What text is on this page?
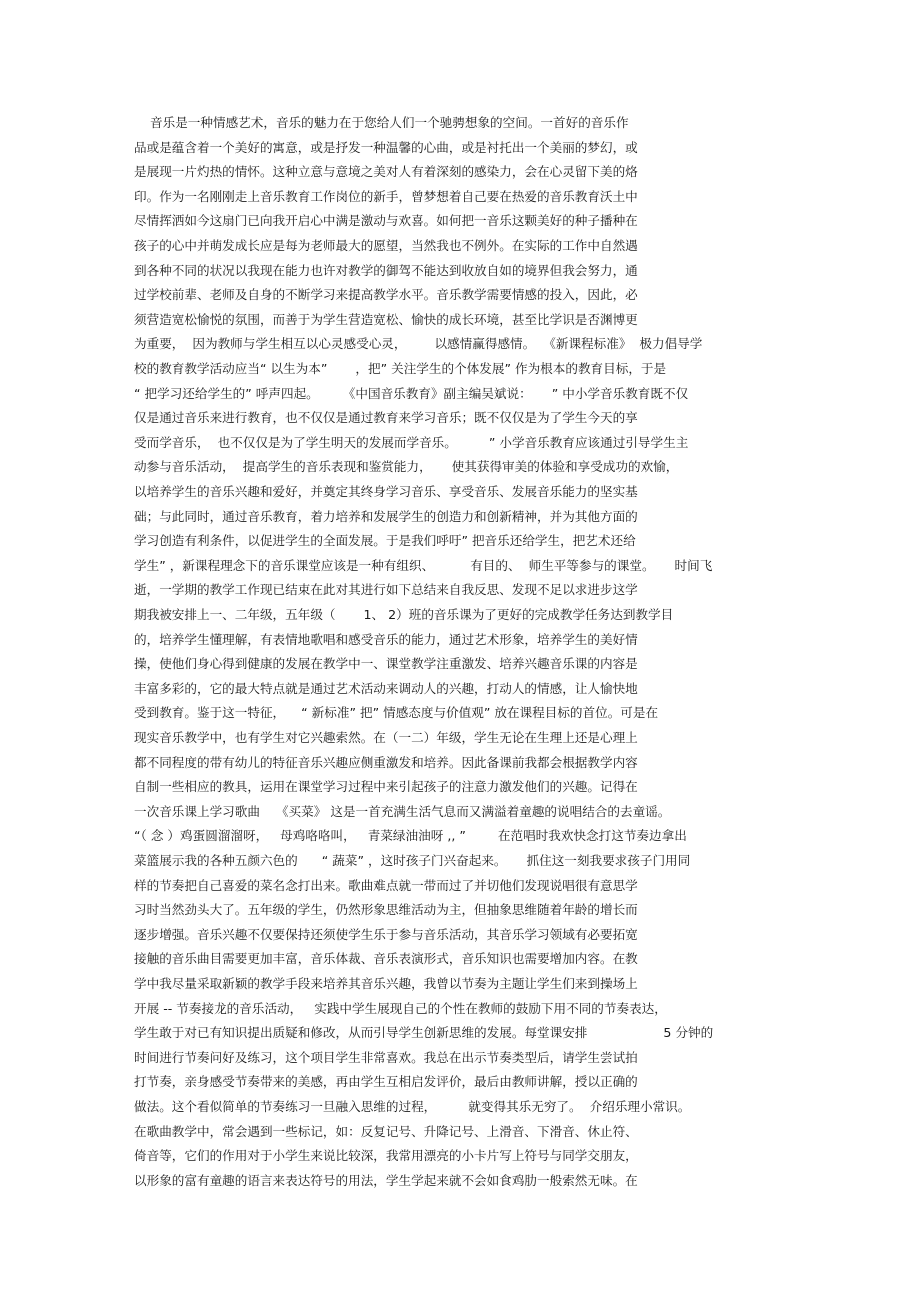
音乐是一种情感艺术，音乐的魅力在于您给人们一个驰骋想象的空间。一首好的音乐作
品或是蕴含着一个美好的寓意，或是抒发一种温馨的心曲，或是衬托出一个美丽的梦幻，或
是展现一片灼热的情怀。这种立意与意境之美对人有着深刻的感染力，会在心灵留下美的烙
印。作为一名刚刚走上音乐教育工作岗位的新手，曾梦想着自己要在热爱的音乐教育沃土中
尽情挥洒如今这扇门已向我开启心中满是激动与欢喜。如何把一音乐这颗美好的种子播种在
孩子的心中并萌发成长应是每为老师最大的愿望，当然我也不例外。在实际的工作中自然遇
到各种不同的状况以我现在能力也许对教学的御驾不能达到收放自如的境界但我会努力，通
过学校前辈、老师及自身的不断学习来提高教学水平。音乐教学需要情感的投入，因此，必
须营造宽松愉悦的氛围，而善于为学生营造宽松、愉快的成长环境，甚至比学识是否渊博更
为重要，  因为教师与学生相互以心灵感受心灵，       以感情赢得感情。  《新课程标准》  极力倡导学
校的教育教学活动应当“ 以生为本”       ，把” 关注学生的个体发展” 作为根本的教育目标，于是
“ 把学习还给学生的” 呼声四起。      《中国音乐教育》副主编吴斌说：     ” 中小学音乐教育既不仅
仅是通过音乐来进行教育，也不仅仅是通过教育来学习音乐；既不仅仅是为了学生今天的享
受而学音乐，  也不仅仅是为了学生明天的发展而学音乐。        ” 小学音乐教育应该通过引导学生主
动参与音乐活动，  提高学生的音乐表现和鉴赏能力，     使其获得审美的体验和享受成功的欢愉，
以培养学生的音乐兴趣和爱好，并奠定其终身学习音乐、享受音乐、发展音乐能力的坚实基
础；与此同时，通过音乐教育，着力培养和发展学生的创造力和创新精神，并为其他方面的
学习创造有利条件，以促进学生的全面发展。于是我们呼吁” 把音乐还给学生，把艺术还给
学生” ，新课程理念下的音乐课堂应该是一种有组织、         有目的、  师生平等参与的课堂。     时间飞
逝，一学期的教学工作现已结束在此对其进行如下总结来自我反思、发现不足以求进步这学
期我被安排上一、二年级，五年级（       1、 2）班的音乐课为了更好的完成教学任务达到教学目
的，培养学生懂理解，有表情地歌唱和感受音乐的能力，通过艺术形象，培养学生的美好情
操，使他们身心得到健康的发展在教学中一、课堂教学注重激发、培养兴趣音乐课的内容是
丰富多彩的，它的最大特点就是通过艺术活动来调动人的兴趣，打动人的情感，让人愉快地
受到教育。鉴于这一特征，    “ 新标准” 把” 情感态度与价值观” 放在课程目标的首位。可是在
现实音乐教学中，也有学生对它兴趣索然。在（一二）年级，学生无论在生理上还是心理上
都不同程度的带有幼儿的特征音乐兴趣应侧重激发和培养。因此备课前我都会根据教学内容
自制一些相应的教具，运用在课堂学习过程中来引起孩子的注意力激发他们的兴趣。记得在
一次音乐课上学习歌曲    《买菜》 这是一首充满生活气息而又满溢着童趣的说唱结合的去童谣。
“（ 念 ）鸡蛋圆溜溜呀，   母鸡咯咯叫，   青菜绿油油呀 ,, ”        在范唱时我欢快念打这节奏边拿出
菜篮展示我的各种五颜六色的      “ 蔬菜” ，这时孩子门兴奋起来。     抓住这一刻我要求孩子门用同
样的节奏把自己喜爱的菜名念打出来。歌曲难点就一带而过了并切他们发现说唱很有意思学
习时当然劲头大了。五年级的学生，仍然形象思维活动为主，但抽象思维随着年龄的增长而
逐步增强。音乐兴趣不仅要保持还须使学生乐于参与音乐活动，其音乐学习领域有必要拓宽
接触的音乐曲目需要更加丰富，音乐体裁、音乐表演形式，音乐知识也需要增加内容。在教
学中我尽量采取新颖的教学手段来培养其音乐兴趣，我曾以节奏为主题让学生们来到操场上
开展 -- 节奏接龙的音乐活动，   实践中学生展现自己的个性在教师的鼓励下用不同的节奏表达，
学生敢于对已有知识提出质疑和修改，从而引导学生创新思维的发展。每堂课安排                   5 分钟的
时间进行节奏问好及练习，这个项目学生非常喜欢。我总在出示节奏类型后，请学生尝试拍
打节奏，亲身感受节奏带来的美感，再由学生互相启发评价，最后由教师讲解，授以正确的
做法。这个看似简单的节奏练习一旦融入思维的过程，        就变得其乐无穷了。  介绍乐理小常识。
在歌曲教学中，常会遇到一些标记，如：反复记号、升降记号、上滑音、下滑音、休止符、
倚音等，它们的作用对于小学生来说比较深，我常用漂亮的小卡片写上符号与同学交朋友，
以形象的富有童趣的语言来表达符号的用法，学生学起来就不会如食鸡肋一般索然无味。在
